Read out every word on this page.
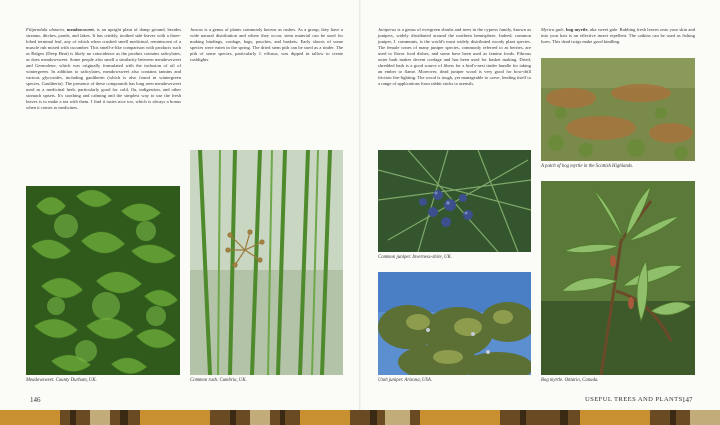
Filipendula ulmaria, meadowsweet, is an upright plant of damp ground, besides streams, ditches, ponds, and lakes. It has crinkly, toothed side leaves with a three-lobed terminal leaf, any of which when crushed smell medicinal, reminiscent of a muscle rub mixed with cucumber. This smell-a-like comparison with products such as Ralgex (Deep Heat) is likely no coincidence as the product contains salicylates, as does meadowsweet. Some people also smell a similarity between meadowsweet and Germolene, which was originally formulated with the inclusion of oil of wintergreen. In addition to salicylates, meadowsweet also contains tannins and various glycosides, including gaultherin (which is also found in wintergreen species, Gaultheria). The presence of these compounds has long seen meadowsweet used as a medicinal herb, particularly good for cold, flu, indigestion, and other stomach upsets. It's soothing and calming and the simplest way to use the fresh leaves is to make a tea with them. I find it tastes nice too, which is always a bonus when it comes to medicines.

Meadowsweet. County Durham, UK.

Juncus is a genus of plants commonly known as rushes. As a group, they have a wide natural distribution and where they occur, stem material can be used for making bindings, cordage, bags, pouches, and baskets. Early shoots of some species were eaten in the spring. The dried stem pith can be used as a tinder. The pith of some species, particularly J. effusus, was dipped in tallow to create rushlights.

Common rush. Cumbria, UK.
146

Juniperus is a genus of evergreen shrubs and trees in the cypress family, known as junipers, widely distributed around the northern hemisphere. Indeed, common juniper, J. communis, is the world's most widely distributed woody plant species. The female cones of many juniper species, commonly referred to as berries, are used to flavor food dishes, and some have been used as famine foods. Fibrous outer bark makes decent cordage and has been used for basket making. Dried, shredded bark is a good source of fibers for a bird's-nest tinder bundle for taking an ember to flame. Moreover, dead juniper wood is very good for bow-drill friction fire-lighting. The wood is tough, yet manageable to carve, lending itself to a range of applications from rabbit sticks to utensils.

Common juniper. Inverness-shire, UK.
Utah juniper. Arizona, USA.

Myrica gale, bog myrtle, aka sweet gale. Rubbing fresh leaves onto your skin and into your hair is an effective insect repellent. The catkins can be used as fishing lures. This dead twigs make good kindling.

A patch of bog myrtle in the Scottish Highlands.
Bog myrtle. Ontario, Canada.
USEFUL TREES AND PLANTS 147
